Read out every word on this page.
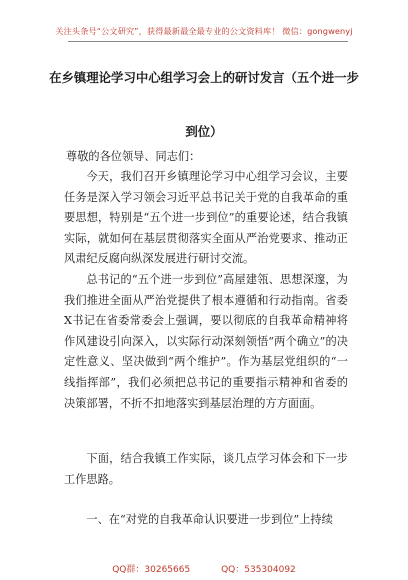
关注头条号“公文研究”，获得最新最全最专业的公文资料库！ 微信：gongwenyj
在乡镇理论学习中心组学习会上的研讨发言（五个进一步
到位）
尊敬的各位领导、同志们：

今天，我们召开乡镇理论学习中心组学习会议，主要任务是深入学习领会习近平总书记关于党的自我革命的重要思想，特别是“五个进一步到位”的重要论述，结合我镇实际，就如何在基层贯彻落实全面从严治党要求、推动正风肃纪反腐向纵深发展进行研讨交流。

总书记的“五个进一步到位”高屋建瓴、思想深邃，为我们推进全面从严治党提供了根本遵循和行动指南。省委X书记在省委常委会上强调，要以彻底的自我革命精神将作风建设引向深入，以实际行动深刻领悟“两个确立”的决定性意义、坚决做到“两个维护”。作为基层党组织的“一线指挥部”，我们必须把总书记的重要指示精神和省委的决策部署，不折不扣地落实到基层治理的方方面面。

下面，结合我镇工作实际，谈几点学习体会和下一步工作思路。

一、在“对党的自我革命认识要进一步到位”上持续

QQ群：30265665	QQ：535304092
